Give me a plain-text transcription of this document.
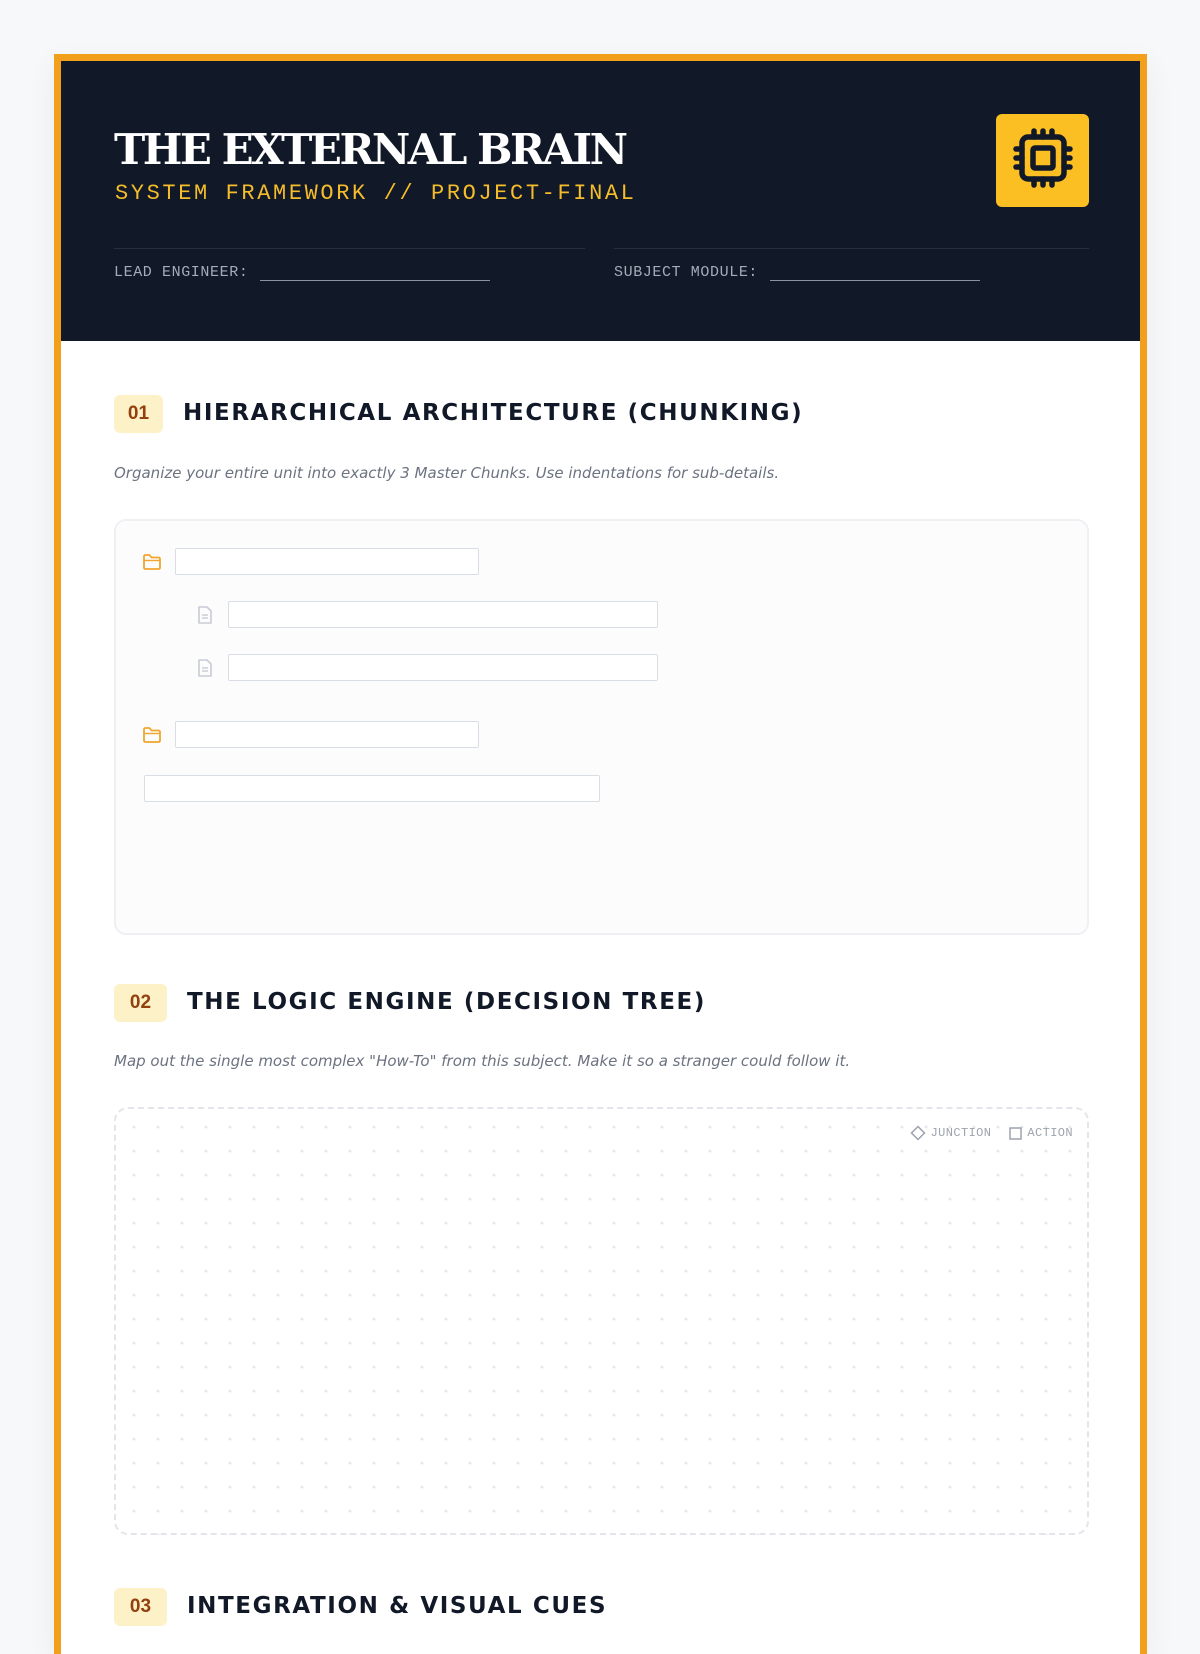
THE EXTERNAL BRAIN
SYSTEM FRAMEWORK // PROJECT-FINAL
LEAD ENGINEER:	SUBJECT MODULE:
01	HIERARCHICAL ARCHITECTURE (CHUNKING)
Organize your entire unit into exactly 3 Master Chunks. Use indentations for sub-details.
02	THE LOGIC ENGINE (DECISION TREE)
Map out the single most complex "How-To" from this subject. Make it so a stranger could follow it.
JUNCTION	ACTION
03	INTEGRATION & VISUAL CUES
